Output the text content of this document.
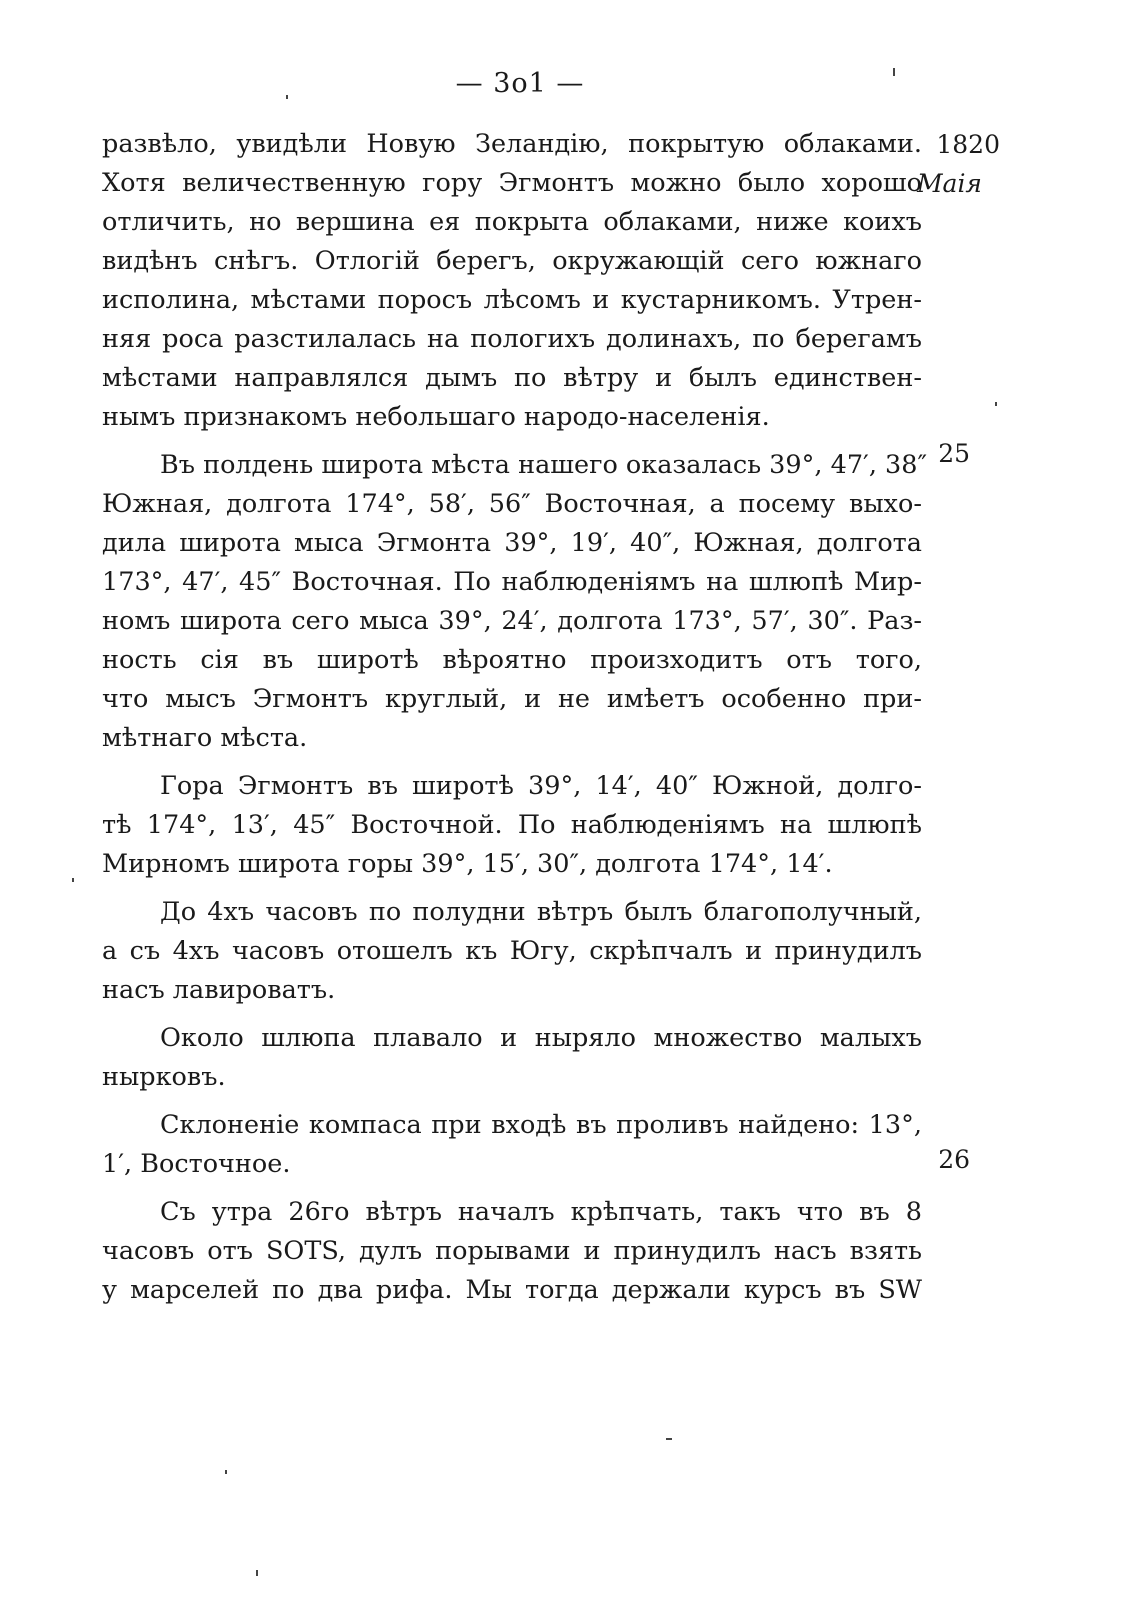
— 3o1 —
1820
Маія
25
26
развѣло, увидѣли Новую Зеландію, покрытую облаками.
Хотя величественную гору Эгмонтъ можно было хорошо
отличить, но вершина ея покрыта облаками, ниже коихъ
видѣнъ снѣгъ. Отлогій берегъ, окружающій сего южнаго
исполина, мѣстами поросъ лѣсомъ и кустарникомъ. Утрен-
няя роса разстилалась на пологихъ долинахъ, по берегамъ
мѣстами направлялся дымъ по вѣтру и былъ единствен-
нымъ признакомъ небольшаго народо-населенія.
Въ полдень широта мѣста нашего оказалась 39°, 47′, 38″
Южная, долгота 174°, 58′, 56″ Восточная, а посему выхо-
дила широта мыса Эгмонта 39°, 19′, 40″, Южная, долгота
173°, 47′, 45″ Восточная. По наблюденіямъ на шлюпѣ Мир-
номъ широта сего мыса 39°, 24′, долгота 173°, 57′, 30″. Раз-
ность сія въ широтѣ вѣроятно произходитъ отъ того,
что мысъ Эгмонтъ круглый, и не имѣетъ особенно при-
мѣтнаго мѣста.
Гора Эгмонтъ въ широтѣ 39°, 14′, 40″ Южной, долго-
тѣ 174°, 13′, 45″ Восточной. По наблюденіямъ на шлюпѣ
Мирномъ широта горы 39°, 15′, 30″, долгота 174°, 14′.
До 4хъ часовъ по полудни вѣтръ былъ благополучный,
а съ 4хъ часовъ отошелъ къ Югу, скрѣпчалъ и принудилъ
насъ лавироватъ.
Около шлюпа плавало и ныряло множество малыхъ
нырковъ.
Склоненіе компаса при входѣ въ проливъ найдено: 13°,
1′, Восточное.
Съ утра 26го вѣтръ началъ крѣпчать, такъ что въ 8
часовъ отъ SOTS, дулъ порывами и принудилъ насъ взять
у марселей по два рифа. Мы тогда держали курсъ въ SW
